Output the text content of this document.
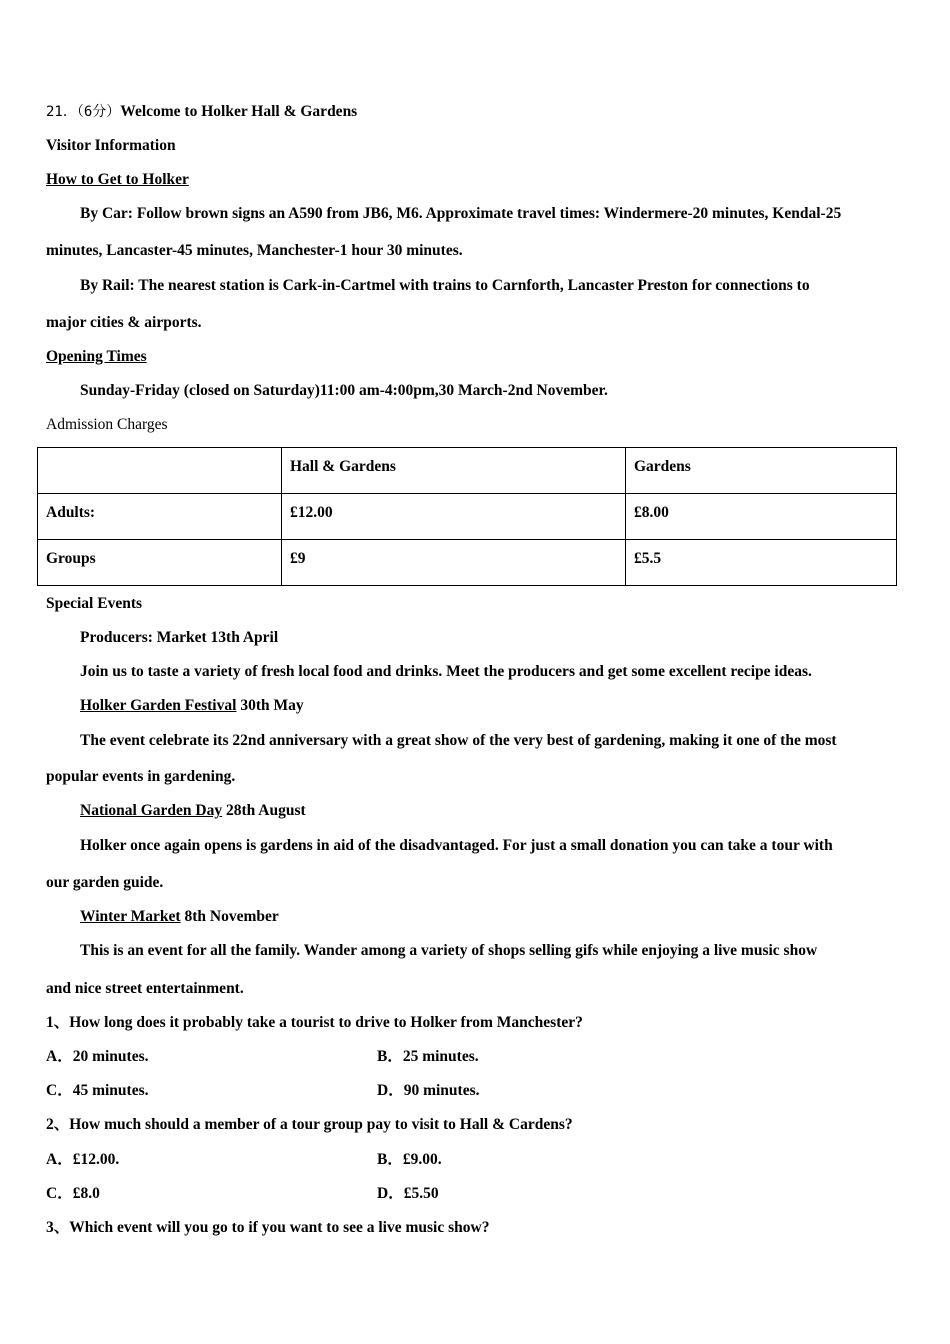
21．（6分）Welcome to Holker Hall & Gardens
Visitor Information
How to Get to Holker
By Car: Follow brown signs an A590 from JB6, M6. Approximate travel times: Windermere-20 minutes, Kendal-25
minutes, Lancaster-45 minutes, Manchester-1 hour 30 minutes.
By Rail: The nearest station is Cark-in-Cartmel with trains to Carnforth, Lancaster Preston for connections to
major cities & airports.
Opening Times
Sunday-Friday (closed on Saturday)11:00 am-4:00pm,30 March-2nd November.
Admission Charges
	Hall & Gardens	Gardens
Adults:	£12.00	£8.00
Groups	£9	£5.5
Special Events
Producers: Market 13th April
Join us to taste a variety of fresh local food and drinks. Meet the producers and get some excellent recipe ideas.
Holker Garden Festival 30th May
The event celebrate its 22nd anniversary with a great show of the very best of gardening, making it one of the most
popular events in gardening.
National Garden Day 28th August
Holker once again opens is gardens in aid of the disadvantaged. For just a small donation you can take a tour with
our garden guide.
Winter Market 8th November
This is an event for all the family. Wander among a variety of shops selling gifs while enjoying a live music show
and nice street entertainment.
1、How long does it probably take a tourist to drive to Holker from Manchester?
A．20 minutes.	B．25 minutes.
C．45 minutes.	D．90 minutes.
2、How much should a member of a tour group pay to visit to Hall & Cardens?
A．£12.00.	B．£9.00.
C．£8.0	D．£5.50
3、Which event will you go to if you want to see a live music show?
